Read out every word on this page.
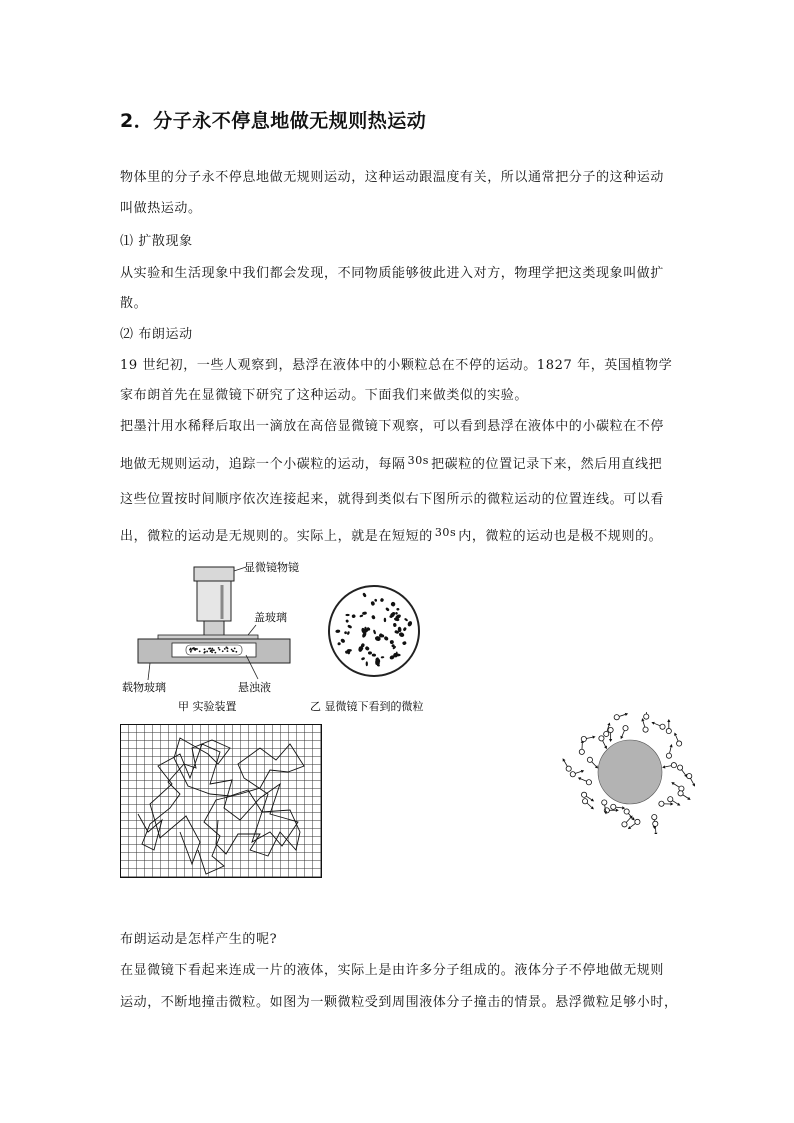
2．分子永不停息地做无规则热运动
物体里的分子永不停息地做无规则运动，这种运动跟温度有关，所以通常把分子的这种运动
叫做热运动。
⑴ 扩散现象
从实验和生活现象中我们都会发现，不同物质能够彼此进入对方，物理学把这类现象叫做扩
散。
⑵ 布朗运动
19 世纪初，一些人观察到，悬浮在液体中的小颗粒总在不停的运动。1827 年，英国植物学
家布朗首先在显微镜下研究了这种运动。下面我们来做类似的实验。
把墨汁用水稀释后取出一滴放在高倍显微镜下观察，可以看到悬浮在液体中的小碳粒在不停
地做无规则运动，追踪一个小碳粒的运动，每隔 $^{30s}$ 把碳粒的位置记录下来，然后用直线把
这些位置按时间顺序依次连接起来，就得到类似右下图所示的微粒运动的位置连线。可以看
出，微粒的运动是无规则的。实际上，就是在短短的 $^{30s}$ 内，微粒的运动也是极不规则的。
显微镜物镜
盖玻璃
载物玻璃	悬浊液
甲 实验装置	乙 显微镜下看到的微粒
布朗运动是怎样产生的呢?
在显微镜下看起来连成一片的液体，实际上是由许多分子组成的。液体分子不停地做无规则
运动，不断地撞击微粒。如图为一颗微粒受到周围液体分子撞击的情景。悬浮微粒足够小时，
